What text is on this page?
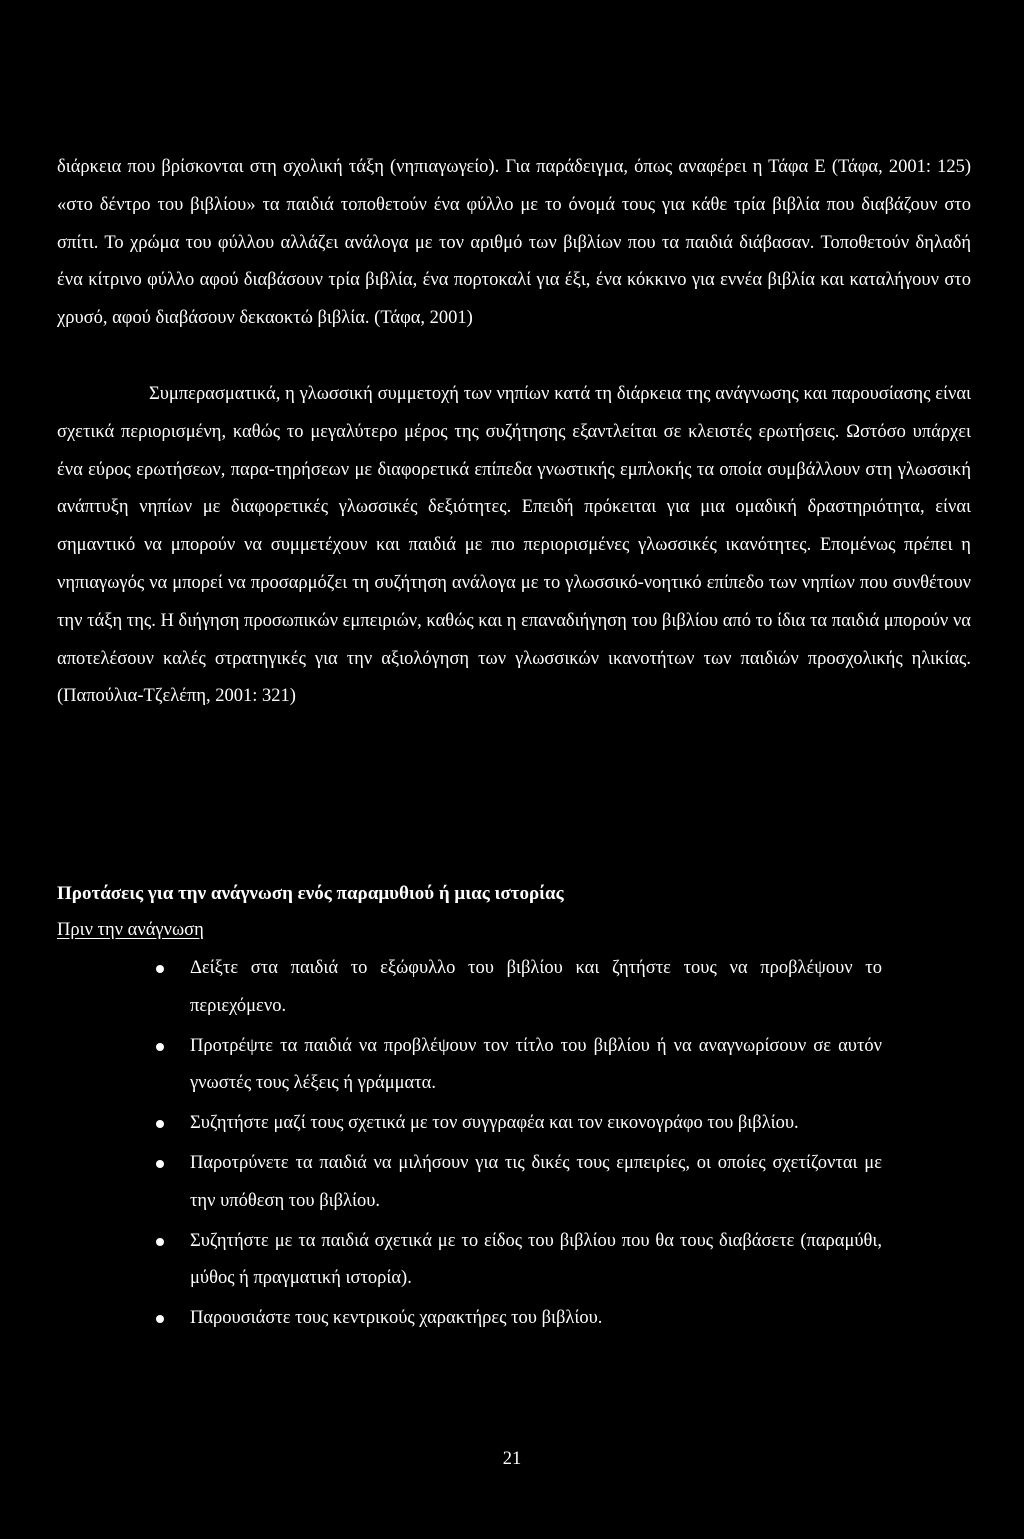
διάρκεια που βρίσκονται στη σχολική τάξη (νηπιαγωγείο). Για παράδειγμα, όπως αναφέρει η Τάφα Ε (Τάφα, 2001: 125) «στο δέντρο του βιβλίου» τα παιδιά τοποθετούν ένα φύλλο με το όνομά τους για κάθε τρία βιβλία που διαβάζουν στο σπίτι. Το χρώμα του φύλλου αλλάζει ανάλογα με τον αριθμό των βιβλίων που τα παιδιά διάβασαν. Τοποθετούν δηλαδή ένα κίτρινο φύλλο αφού διαβάσουν τρία βιβλία, ένα πορτοκαλί για έξι, ένα κόκκινο για εννέα βιβλία και καταλήγουν στο χρυσό, αφού διαβάσουν δεκαοκτώ βιβλία. (Τάφα, 2001)

Συμπερασματικά, η γλωσσική συμμετοχή των νηπίων κατά τη διάρκεια της ανάγνωσης και παρουσίασης είναι σχετικά περιορισμένη, καθώς το μεγαλύτερο μέρος της συζήτησης εξαντλείται σε κλειστές ερωτήσεις. Ωστόσο υπάρχει ένα εύρος ερωτήσεων, παρα-τηρήσεων με διαφορετικά επίπεδα γνωστικής εμπλοκής τα οποία συμβάλλουν στη γλωσσική ανάπτυξη νηπίων με διαφορετικές γλωσσικές δεξιότητες. Επειδή πρόκειται για μια ομαδική δραστηριότητα, είναι σημαντικό να μπορούν να συμμετέχουν και παιδιά με πιο περιορισμένες γλωσσικές ικανότητες. Επομένως πρέπει η νηπιαγωγός να μπορεί να προσαρμόζει τη συζήτηση ανάλογα με το γλωσσικό-νοητικό επίπεδο των νηπίων που συνθέτουν την τάξη της. Η διήγηση προσωπικών εμπειριών, καθώς και η επαναδιήγηση του βιβλίου από το ίδια τα παιδιά μπορούν να αποτελέσουν καλές στρατηγικές για την αξιολόγηση των γλωσσικών ικανοτήτων των παιδιών προσχολικής ηλικίας. (Παπούλια-Τζελέπη, 2001: 321)

Προτάσεις για την ανάγνωση ενός παραμυθιού ή μιας ιστορίας
Πριν την ανάγνωση
Δείξτε στα παιδιά το εξώφυλλο του βιβλίου και ζητήστε τους να προβλέψουν το περιεχόμενο.
Προτρέψτε τα παιδιά να προβλέψουν τον τίτλο του βιβλίου ή να αναγνωρίσουν σε αυτόν γνωστές τους λέξεις ή γράμματα.
Συζητήστε μαζί τους σχετικά με τον συγγραφέα και τον εικονογράφο του βιβλίου.
Παροτρύνετε τα παιδιά να μιλήσουν για τις δικές τους εμπειρίες, οι οποίες σχετίζονται με την υπόθεση του βιβλίου.
Συζητήστε με τα παιδιά σχετικά με το είδος του βιβλίου που θα τους διαβάσετε (παραμύθι, μύθος ή πραγματική ιστορία).
Παρουσιάστε τους κεντρικούς χαρακτήρες του βιβλίου.
21
